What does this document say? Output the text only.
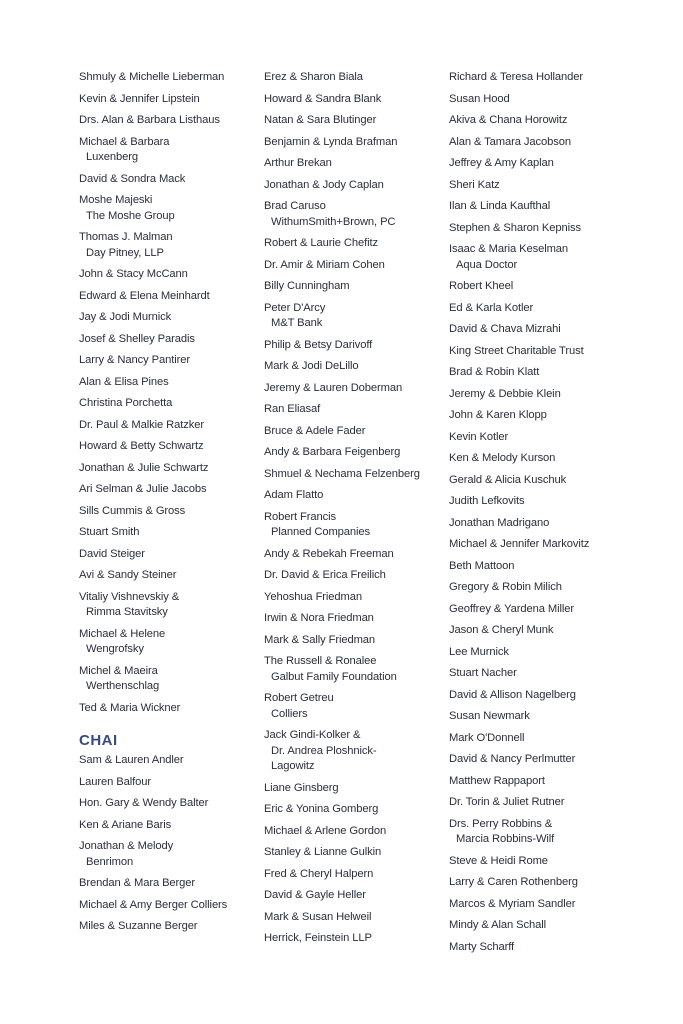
Shmuly & Michelle Lieberman
Kevin & Jennifer Lipstein
Drs. Alan & Barbara Listhaus
Michael & Barbara
Luxenberg
David & Sondra Mack
Moshe Majeski
The Moshe Group
Thomas J. Malman
Day Pitney, LLP
John & Stacy McCann
Edward & Elena Meinhardt
Jay & Jodi Murnick
Josef & Shelley Paradis
Larry & Nancy Pantirer
Alan & Elisa Pines
Christina Porchetta
Dr. Paul & Malkie Ratzker
Howard & Betty Schwartz
Jonathan & Julie Schwartz
Ari Selman & Julie Jacobs
Sills Cummis & Gross
Stuart Smith
David Steiger
Avi & Sandy Steiner
Vitaliy Vishnevskiy &
Rimma Stavitsky
Michael & Helene
Wengrofsky
Michel & Maeira
Werthenschlag
Ted & Maria Wickner
CHAI
Sam & Lauren Andler
Lauren Balfour
Hon. Gary & Wendy Balter
Ken & Ariane Baris
Jonathan & Melody
Benrimon
Brendan & Mara Berger
Michael & Amy Berger Colliers
Miles & Suzanne Berger
Erez & Sharon Biala
Howard & Sandra Blank
Natan & Sara Blutinger
Benjamin & Lynda Brafman
Arthur Brekan
Jonathan & Jody Caplan
Brad Caruso
WithumSmith+Brown, PC
Robert & Laurie Chefitz
Dr. Amir & Miriam Cohen
Billy Cunningham
Peter D'Arcy
M&T Bank
Philip & Betsy Darivoff
Mark & Jodi DeLillo
Jeremy & Lauren Doberman
Ran Eliasaf
Bruce & Adele Fader
Andy & Barbara Feigenberg
Shmuel & Nechama Felzenberg
Adam Flatto
Robert Francis
Planned Companies
Andy & Rebekah Freeman
Dr. David & Erica Freilich
Yehoshua Friedman
Irwin & Nora Friedman
Mark & Sally Friedman
The Russell & Ronalee
Galbut Family Foundation
Robert Getreu
Colliers
Jack Gindi-Kolker &
Dr. Andrea Ploshnick-
Lagowitz
Liane Ginsberg
Eric & Yonina Gomberg
Michael & Arlene Gordon
Stanley & Lianne Gulkin
Fred & Cheryl Halpern
David & Gayle Heller
Mark & Susan Helweil
Herrick, Feinstein LLP
Richard & Teresa Hollander
Susan Hood
Akiva & Chana Horowitz
Alan & Tamara Jacobson
Jeffrey & Amy Kaplan
Sheri Katz
Ilan & Linda Kaufthal
Stephen & Sharon Kepniss
Isaac & Maria Keselman
Aqua Doctor
Robert Kheel
Ed & Karla Kotler
David & Chava Mizrahi
King Street Charitable Trust
Brad & Robin Klatt
Jeremy & Debbie Klein
John & Karen Klopp
Kevin Kotler
Ken & Melody Kurson
Gerald & Alicia Kuschuk
Judith Lefkovits
Jonathan Madrigano
Michael & Jennifer Markovitz
Beth Mattoon
Gregory & Robin Milich
Geoffrey & Yardena Miller
Jason & Cheryl Munk
Lee Murnick
Stuart Nacher
David & Allison Nagelberg
Susan Newmark
Mark O'Donnell
David & Nancy Perlmutter
Matthew Rappaport
Dr. Torin & Juliet Rutner
Drs. Perry Robbins &
Marcia Robbins-Wilf
Steve & Heidi Rome
Larry & Caren Rothenberg
Marcos & Myriam Sandler
Mindy & Alan Schall
Marty Scharff
